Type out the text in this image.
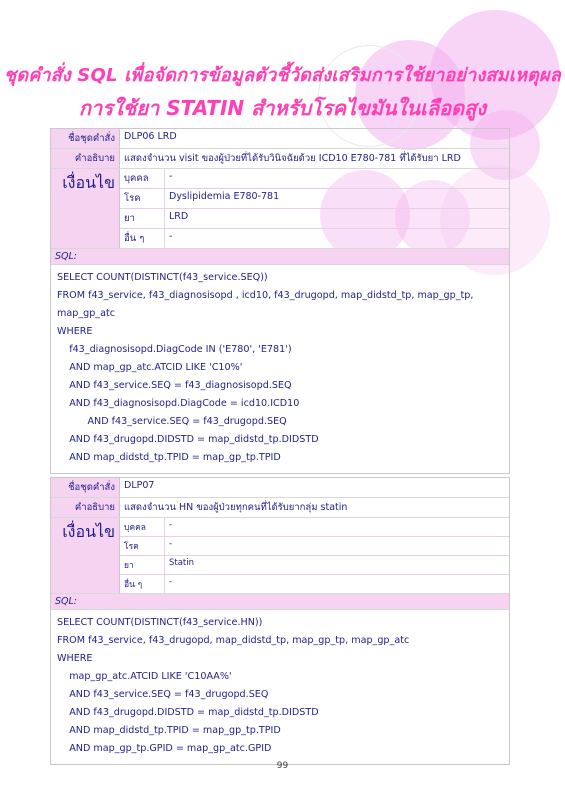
ชุดคำสั่ง SQL เพื่อจัดการข้อมูลตัวชี้วัดส่งเสริมการใช้ยาอย่างสมเหตุผล
การใช้ยา STATIN สำหรับโรคไขมันในเลือดสูง
ชื่อชุดคำสั่ง DLP06 LRD
คำอธิบาย แสดงจำนวน visit ของผู้ป่วยที่ได้รับวินิจฉัยด้วย ICD10 E780-781 ที่ได้รับยา LRD
เงื่อนไข บุคคล	-
โรค	Dyslipidemia E780-781
ยา	LRD
อื่น ๆ	-
SQL:
SELECT COUNT(DISTINCT(f43_service.SEQ))
FROM f43_service, f43_diagnosisopd , icd10, f43_drugopd, map_didstd_tp, map_gp_tp,
map_gp_atc
WHERE
f43_diagnosisopd.DiagCode IN ('E780', 'E781')
AND map_gp_atc.ATCID LIKE 'C10%'
AND f43_service.SEQ = f43_diagnosisopd.SEQ
AND f43_diagnosisopd.DiagCode = icd10.ICD10
AND f43_service.SEQ = f43_drugopd.SEQ
AND f43_drugopd.DIDSTD = map_didstd_tp.DIDSTD
AND map_didstd_tp.TPID = map_gp_tp.TPID
ชื่อชุดคำสั่ง DLP07
คำอธิบาย แสดงจำนวน HN ของผู้ป่วยทุกคนที่ได้รับยากลุ่ม statin
เงื่อนไข	บุคคล	-
โรค	-
ยา	Statin
อื่น ๆ	-
SQL:
SELECT COUNT(DISTINCT(f43_service.HN))
FROM f43_service, f43_drugopd, map_didstd_tp, map_gp_tp, map_gp_atc
WHERE
map_gp_atc.ATCID LIKE 'C10AA%'
AND f43_service.SEQ = f43_drugopd.SEQ
AND f43_drugopd.DIDSTD = map_didstd_tp.DIDSTD
AND map_didstd_tp.TPID = map_gp_tp.TPID
AND map_gp_tp.GPID = map_gp_atc.GPID
99
